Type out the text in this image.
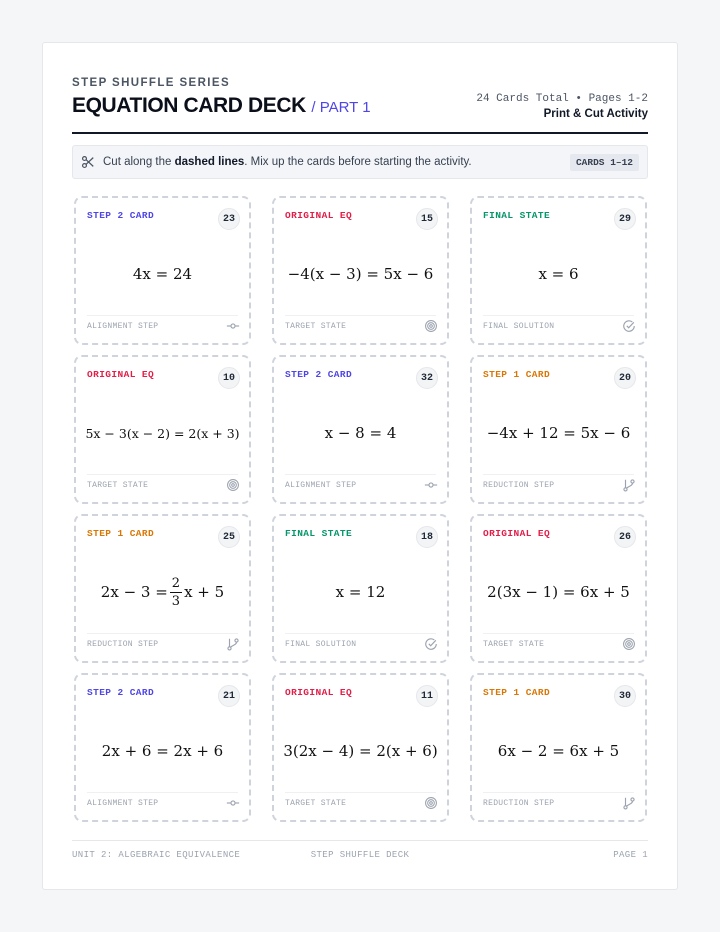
STEP SHUFFLE SERIES
EQUATION CARD DECK / PART 1	24 Cards Total • Pages 1-2
Print & Cut Activity
Cut along the dashed lines. Mix up the cards before starting the activity.	CARDS 1–12
STEP 2 CARD	23
4x = 24
ALIGNMENT STEP
ORIGINAL EQ	15
−4(x − 3) = 5x − 6
TARGET STATE
FINAL STATE	29
x = 6
FINAL SOLUTION
ORIGINAL EQ	10
5x − 3(x − 2) = 2(x + 3)
TARGET STATE
STEP 2 CARD	32
x − 8 = 4
ALIGNMENT STEP
STEP 1 CARD	20
−4x + 12 = 5x − 6
REDUCTION STEP
STEP 1 CARD	25
$2x - 3 = \frac{2}{3}$ x + 5
REDUCTION STEP
FINAL STATE	18
x = 12
FINAL SOLUTION
ORIGINAL EQ	26
2(3x − 1) = 6x + 5
TARGET STATE
STEP 2 CARD	21
2x + 6 = 2x + 6
ALIGNMENT STEP
ORIGINAL EQ	11
3(2x − 4) = 2(x + 6)
TARGET STATE
STEP 1 CARD	30
6x − 2 = 6x + 5
REDUCTION STEP
UNIT 2: ALGEBRAIC EQUIVALENCE	STEP SHUFFLE DECK	PAGE 1
